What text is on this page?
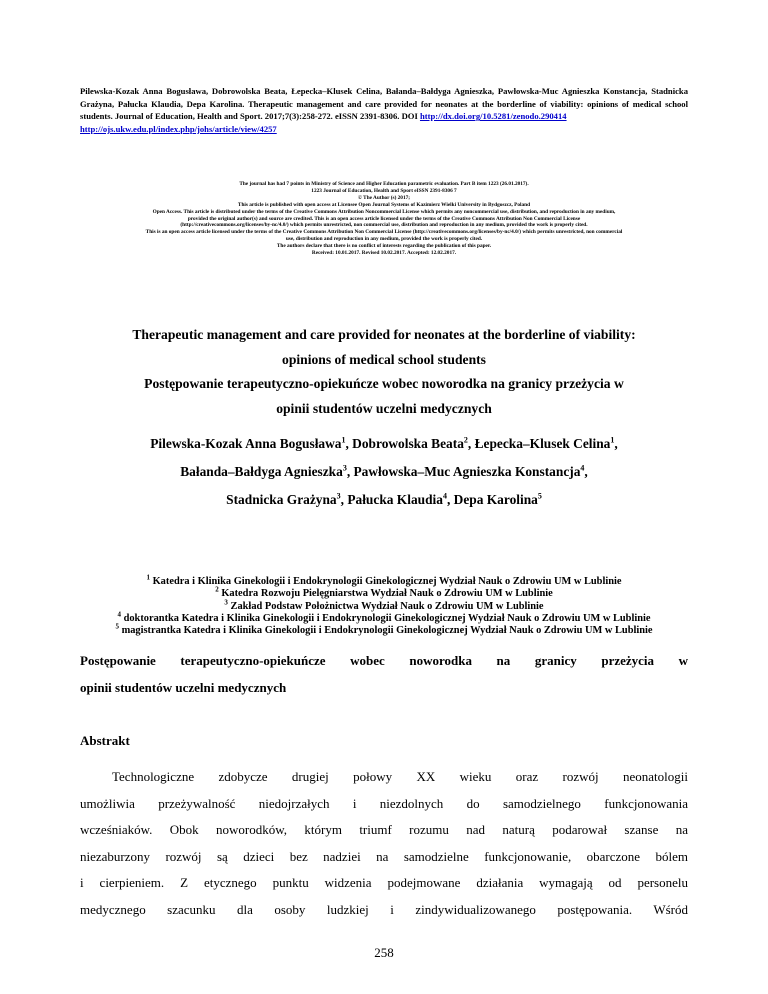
Pilewska-Kozak Anna Bogusława, Dobrowolska Beata, Łepecka–Klusek Celina, Bałanda–Bałdyga Agnieszka, Pawłowska-Muc Agnieszka Konstancja, Stadnicka Grażyna, Pałucka Klaudia, Depa Karolina. Therapeutic management and care provided for neonates at the borderline of viability: opinions of medical school students. Journal of Education, Health and Sport. 2017;7(3):258-272. eISSN 2391-8306. DOI http://dx.doi.org/10.5281/zenodo.290414
http://ojs.ukw.edu.pl/index.php/johs/article/view/4257
The journal has had 7 points in Ministry of Science and Higher Education parametric evaluation. Part B item 1223 (26.01.2017).
1223 Journal of Education, Health and Sport eISSN 2391-8306 7
© The Author (s) 2017;
This article is published with open access at Licensee Open Journal Systems of Kazimierz Wielki University in Bydgoszcz, Poland
Open Access. This article is distributed under the terms of the Creative Commons Attribution Noncommercial License which permits any noncommercial use, distribution, and reproduction in any medium,
provided the original author(s) and source are credited. This is an open access article licensed under the terms of the Creative Commons Attribution Non Commercial License
(http://creativecommons.org/licenses/by-nc/4.0/) which permits unrestricted, non commercial use, distribution and reproduction in any medium, provided the work is properly cited.
This is an open access article licensed under the terms of the Creative Commons Attribution Non Commercial License (http://creativecommons.org/licenses/by-nc/4.0/) which permits unrestricted, non commercial
use, distribution and reproduction in any medium, provided the work is properly cited.
The authors declare that there is no conflict of interests regarding the publication of this paper.
Received: 10.01.2017. Revised 10.02.2017. Accepted: 12.02.2017.
Therapeutic management and care provided for neonates at the borderline of viability:
opinions of medical school students
Postępowanie terapeutyczno-opiekuńcze wobec noworodka na granicy przeżycia w
opinii studentów uczelni medycznych
Pilewska-Kozak Anna Bogusława$^1$, Dobrowolska Beata$^2$, Łepecka–Klusek Celina$^1$,
Bałanda–Bałdyga Agnieszka$^3$, Pawłowska–Muc Agnieszka Konstancja$^4$,
Stadnicka Grażyna$^3$, Pałucka Klaudia$^4$, Depa Karolina$^5$
$^1$ Katedra i Klinika Ginekologii i Endokrynologii Ginekologicznej Wydział Nauk o Zdrowiu UM w Lublinie
$^2$ Katedra Rozwoju Pielęgniarstwa Wydział Nauk o Zdrowiu UM w Lublinie
$^3$ Zakład Podstaw Położnictwa Wydział Nauk o Zdrowiu UM w Lublinie
$^4$ doktorantka Katedra i Klinika Ginekologii i Endokrynologii Ginekologicznej Wydział Nauk o Zdrowiu UM w Lublinie
$^5$ magistrantka Katedra i Klinika Ginekologii i Endokrynologii Ginekologicznej Wydział Nauk o Zdrowiu UM w Lublinie
Postępowanie terapeutyczno-opiekuńcze wobec noworodka na granicy przeżycia w
opinii studentów uczelni medycznych
Abstrakt
Technologiczne zdobycze drugiej połowy XX wieku oraz rozwój neonatologii
umożliwia przeżywalność niedojrzałych i niezdolnych do samodzielnego funkcjonowania
wcześniaków. Obok noworodków, którym triumf rozumu nad naturą podarował szanse na
niezaburzony rozwój są dzieci bez nadziei na samodzielne funkcjonowanie, obarczone bólem
i cierpieniem. Z etycznego punktu widzenia podejmowane działania wymagają od personelu
medycznego szacunku dla osoby ludzkiej i zindywidualizowanego postępowania. Wśród
258
